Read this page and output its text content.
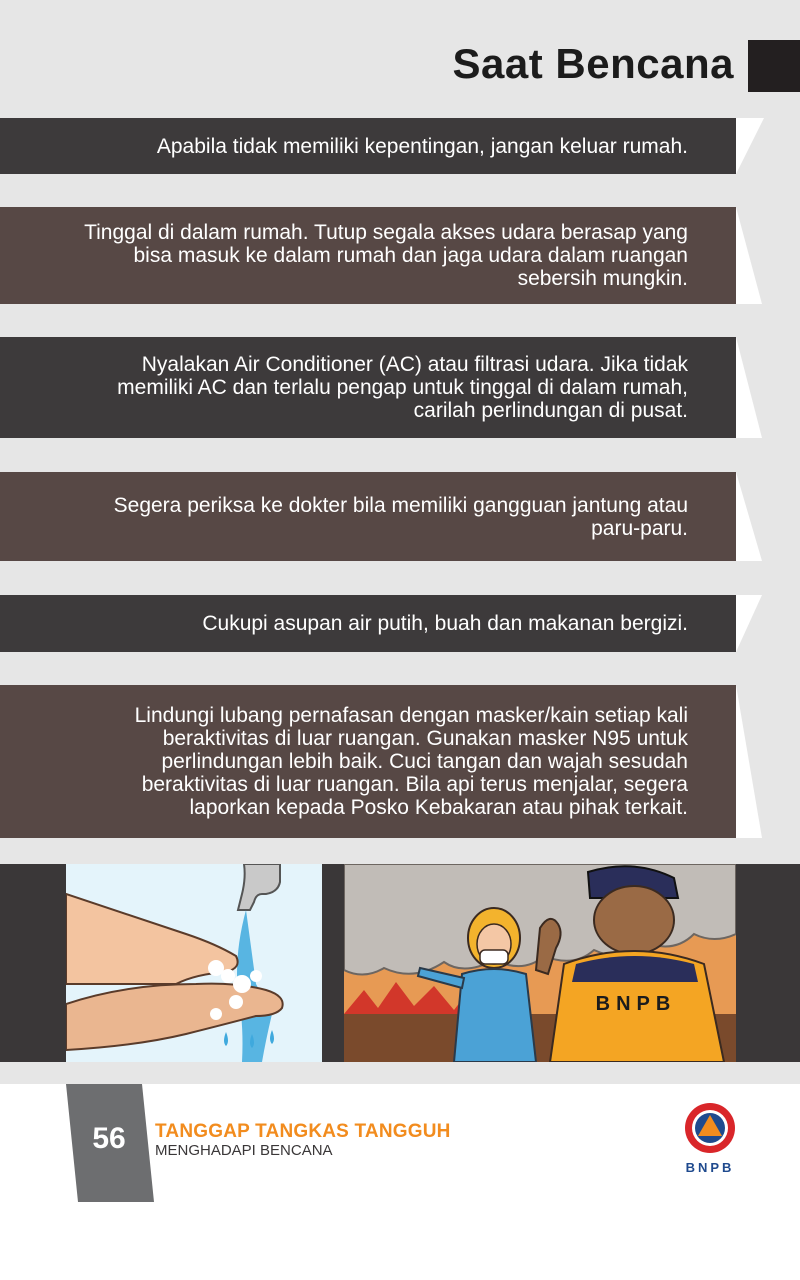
Saat Bencana
Apabila tidak memiliki kepentingan, jangan keluar rumah.
Tinggal di dalam rumah. Tutup segala akses udara berasap yang bisa masuk ke dalam rumah dan jaga udara dalam ruangan sebersih mungkin.
Nyalakan Air Conditioner (AC) atau filtrasi udara. Jika tidak memiliki AC dan terlalu pengap untuk tinggal di dalam rumah, carilah perlindungan di pusat.
Segera periksa ke dokter bila memiliki gangguan jantung atau paru-paru.
Cukupi asupan air putih, buah dan makanan bergizi.
Lindungi lubang pernafasan dengan masker/kain setiap kali beraktivitas di luar ruangan. Gunakan masker N95 untuk perlindungan lebih baik. Cuci tangan dan wajah sesudah beraktivitas di luar ruangan. Bila api terus menjalar, segera laporkan kepada Posko Kebakaran atau pihak terkait.
BNPB
56	TANGGAP TANGKAS TANGGUH
MENGHADAPI BENCANA
BNPB
